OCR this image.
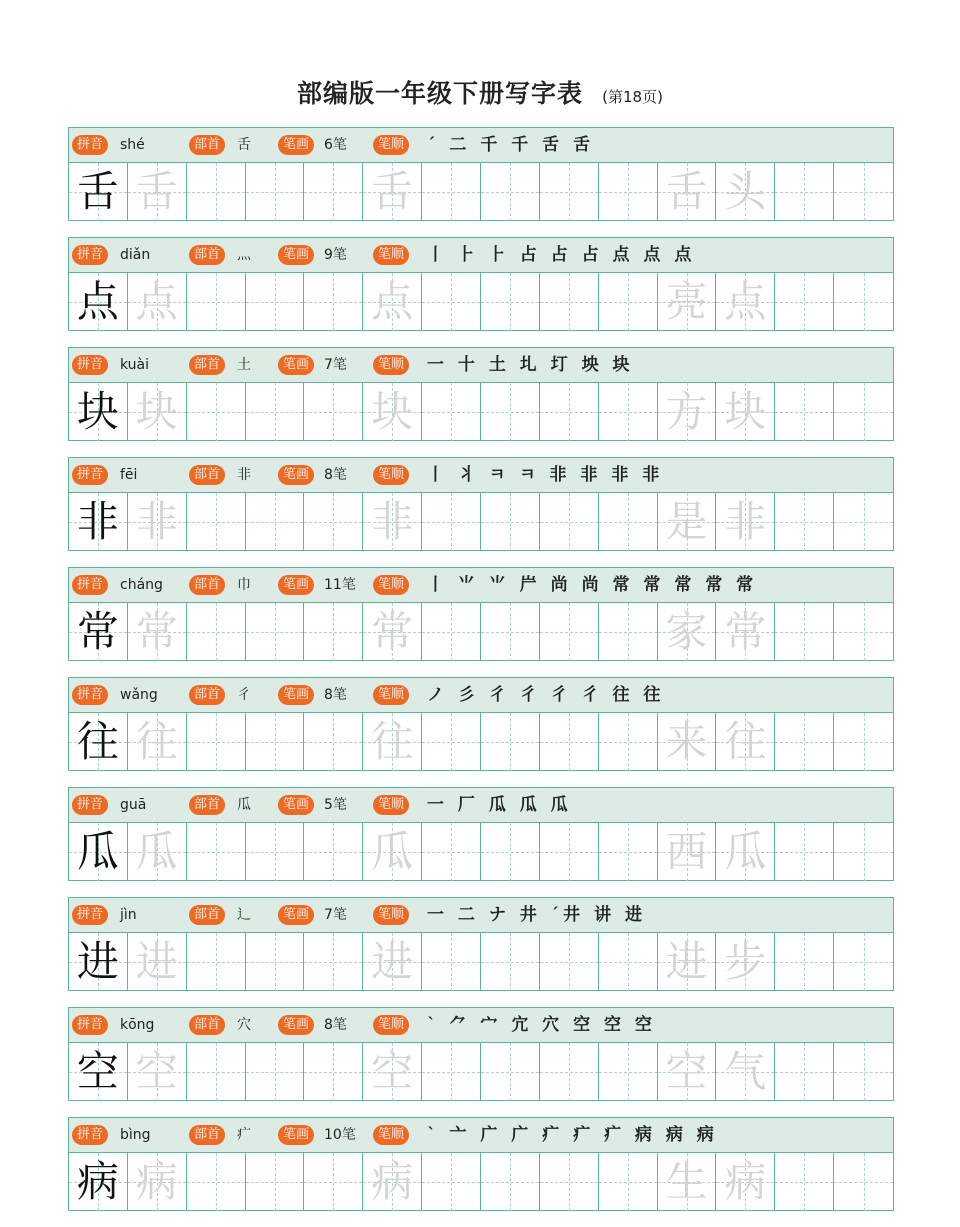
部编版一年级下册写字表 (第18页)
拼音	shé	部首	舌	笔画	6笔	笔顺 ˊ 二 千 千 舌 舌
舌 舌	舌	舌 头
拼音	diǎn	部首	灬	笔画	9笔	笔顺 丨 ⺊ ⺊ 占 占 占 点 点 点
点 点	点	亮 点
拼音	kuài	部首	土	笔画	7笔	笔顺 一 十 土 圠 圢 坱 块
块 块	块	方 块
拼音	fēi	部首	非	笔画	8笔	笔顺 丨 丬 ㅋ ㅋ 非 非 非 非
非 非	非	是 非
拼音	cháng	部首	巾	笔画	11笔	笔顺 丨 ⺌ ⺌ 屵 尚 尚 常 常 常 常 常
常 常	常	家 常
拼音	wǎng	部首	彳	笔画	8笔	笔顺 ノ 彡 彳 彳 彳 彳 往 往
往 往	往	来 往
拼音	guā	部首	瓜	笔画	5笔	笔顺 一 厂 瓜 瓜 瓜
瓜 瓜	瓜	西 瓜
拼音	jìn	部首	辶	笔画	7笔	笔顺 一 二 ナ 井 ˊ井 讲 进
进 进	进	进 步
拼音	kōng	部首	穴	笔画	8笔	笔顺 ˋ ⺈ 宀 宂 穴 空 空 空
空 空	空	空 气
拼音	bìng	部首	疒	笔画	10笔	笔顺 ˋ 亠 广 广 疒 疒 疒 病 病 病
病 病	病	生 病
